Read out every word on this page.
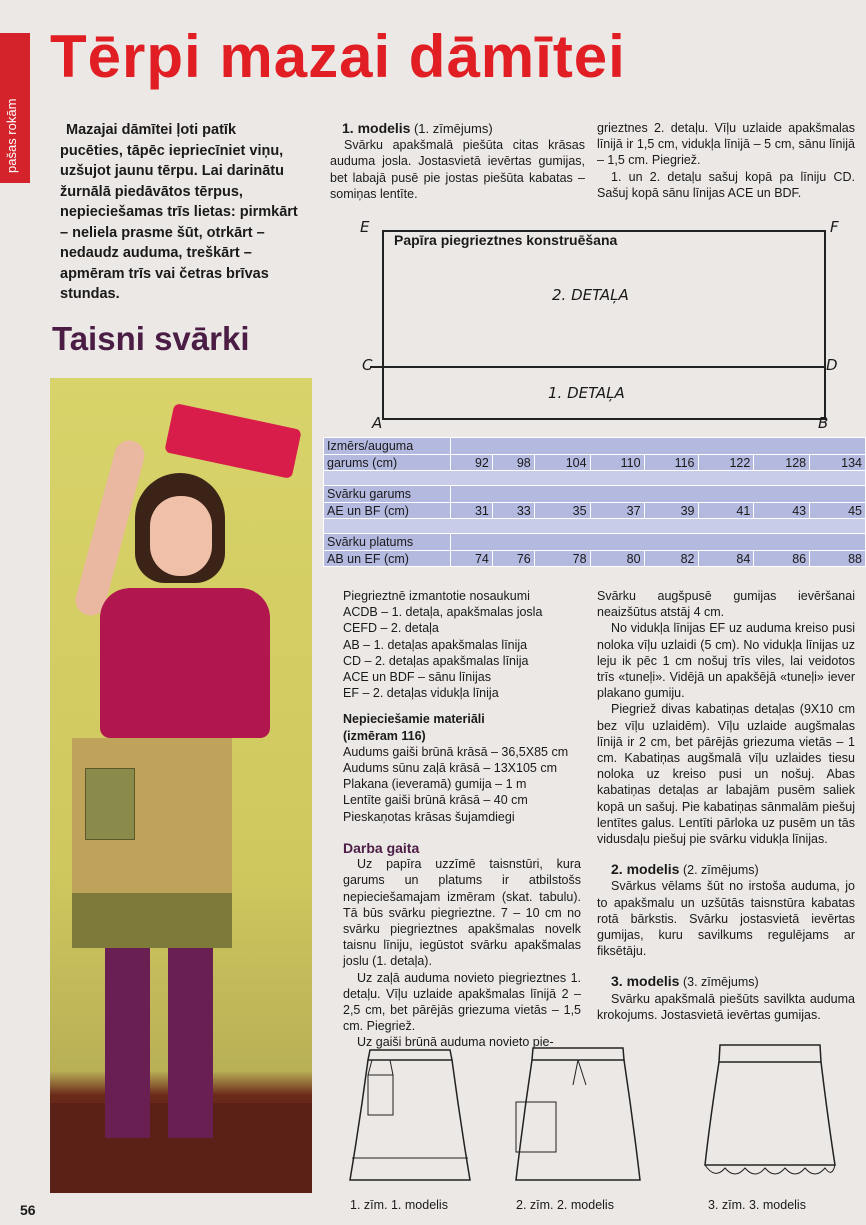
pašas rokām
Tērpi mazai dāmītei
Mazajai dāmītei ļoti patīk pucēties, tāpēc iepriecīniet viņu, uzšujot jaunu tērpu. Lai darinātu žurnālā piedāvātos tērpus, nepieciešamas trīs lietas: pirmkārt – neliela prasme šūt, otrkārt – nedaudz auduma, treškārt – apmēram trīs vai četras brīvas stundas.
Taisni svārki
56

1. modelis (1. zīmējums)

Svārku apakšmalā piešūta citas krāsas auduma josla. Jostasvietā ievērtas gumijas, bet labajā pusē pie jostas piešūta kabatas – somiņas lentīte.

grieztnes 2. detaļu. Vīļu uzlaide apakšmalas līnijā ir 1,5 cm, vidukļa līnijā – 5 cm, sānu līnijā – 1,5 cm. Piegriež.

1. un 2. detaļu sašuj kopā pa līniju CD. Sašuj kopā sānu līnijas ACE un BDF.

Papīra piegrieztnes konstruēšana
2. DETAĻA
1. DETAĻA
E	F
C	D
A	B
Izmērs/auguma								
garums (cm)	92	98	104	110	116	122	128	134

Svārku garums								
AE un BF (cm)	31	33	35	37	39	41	43	45

Svārku platums								
AB un EF (cm)	74	76	78	80	82	84	86	88

Piegrieztnē izmantotie nosaukumi

ACDB – 1. detaļa, apakšmalas josla

CEFD – 2. detaļa

AB – 1. detaļas apakšmalas līnija

CD – 2. detaļas apakšmalas līnija

ACE un BDF – sānu līnijas

EF – 2. detaļas vidukļa līnija

Nepieciešamie materiāli

(izmēram 116)

Audums gaiši brūnā krāsā – 36,5X85 cm

Audums sūnu zaļā krāsā – 13X105 cm

Plakana (ieveramā) gumija – 1 m

Lentīte gaiši brūnā krāsā – 40 cm

Pieskaņotas krāsas šujamdiegi

Darba gaita

Uz papīra uzzīmē taisnstūri, kura garums un platums ir atbilstošs nepieciešamajam izmēram (skat. tabulu). Tā būs svārku piegrieztne. 7 – 10 cm no svārku piegrieztnes apakšmalas novelk taisnu līniju, iegūstot svārku apakšmalas joslu (1. detaļa).

Uz zaļā auduma novieto piegrieztnes 1. detaļu. Vīļu uzlaide apakšmalas līnijā 2 – 2,5 cm, bet pārējās griezuma vietās – 1,5 cm. Piegriež.

Uz gaiši brūnā auduma novieto pie-

Svārku augšpusē gumijas ievēršanai neaizšūtus atstāj 4 cm.

No vidukļa līnijas EF uz auduma kreiso pusi noloka vīļu uzlaidi (5 cm). No vidukļa līnijas uz leju ik pēc 1 cm nošuj trīs viles, lai veidotos trīs «tuneļi». Vidējā un apakšējā «tuneļi» iever plakano gumiju.

Piegriež divas kabatiņas detaļas (9X10 cm bez vīļu uzlaidēm). Vīļu uzlaide augšmalas līnijā ir 2 cm, bet pārējās griezuma vietās – 1 cm. Kabatiņas augšmalā vīļu uzlaides tiesu noloka uz kreiso pusi un nošuj. Abas kabatiņas detaļas ar labajām pusēm saliek kopā un sašuj. Pie kabatiņas sānmalām piešuj lentītes galus. Lentīti pārloka uz pusēm un tās vidusdaļu piešuj pie svārku vidukļa līnijas.

2. modelis (2. zīmējums)

Svārkus vēlams šūt no irstoša auduma, jo to apakšmalu un uzšūtās taisnstūra kabatas rotā bārkstis. Svārku jostasvietā ievērtas gumijas, kuru savilkums regulējams ar fiksētāju.

3. modelis (3. zīmējums)

Svārku apakšmalā piešūts savilkta auduma krokojums. Jostasvietā ievērtas gumijas.

1. zīm. 1. modelis	2. zīm. 2. modelis	3. zīm. 3. modelis
